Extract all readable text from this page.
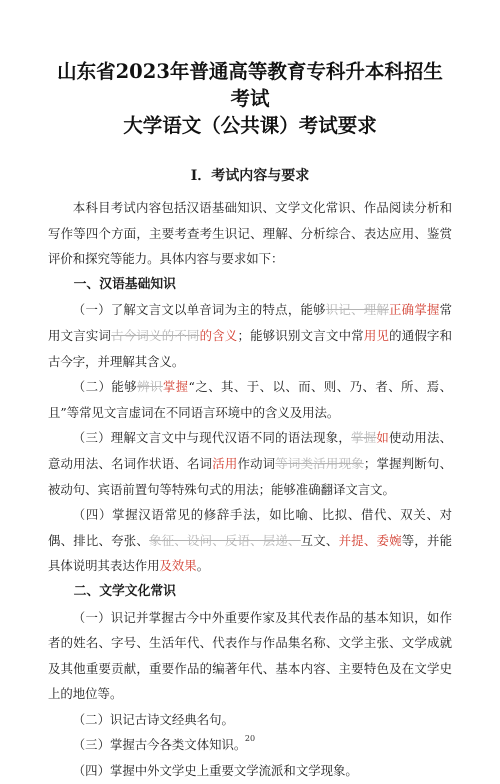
山东省2023年普通高等教育专科升本科招生考试
大学语文（公共课）考试要求
I．考试内容与要求

本科目考试内容包括汉语基础知识、文学文化常识、作品阅读分析和写作等四个方面，主要考查考生识记、理解、分析综合、表达应用、鉴赏评价和探究等能力。具体内容与要求如下：

一、汉语基础知识

（一）了解文言文以单音词为主的特点，能够识记、理解正确掌握常用文言实词古今词义的不同的含义；能够识别文言文中常用见的通假字和古今字，并理解其含义。

（二）能够辨识掌握“之、其、于、以、而、则、乃、者、所、焉、且”等常见文言虚词在不同语言环境中的含义及用法。

（三）理解文言文中与现代汉语不同的语法现象，掌握如使动用法、意动用法、名词作状语、名词活用作动词等词类活用现象；掌握判断句、被动句、宾语前置句等特殊句式的用法；能够准确翻译文言文。

（四）掌握汉语常见的修辞手法，如比喻、比拟、借代、双关、对偶、排比、夸张、象征、设问、反语、层递、互文、并提、委婉等，并能具体说明其表达作用及效果。

二、文学文化常识

（一）识记并掌握古今中外重要作家及其代表作品的基本知识，如作者的姓名、字号、生活年代、代表作与作品集名称、文学主张、文学成就及其他重要贡献，重要作品的编著年代、基本内容、主要特色及在文学史上的地位等。

（二）识记古诗文经典名句。

（三）掌握古今各类文体知识。

（四）掌握中外文学史上重要文学流派和文学现象。

20
